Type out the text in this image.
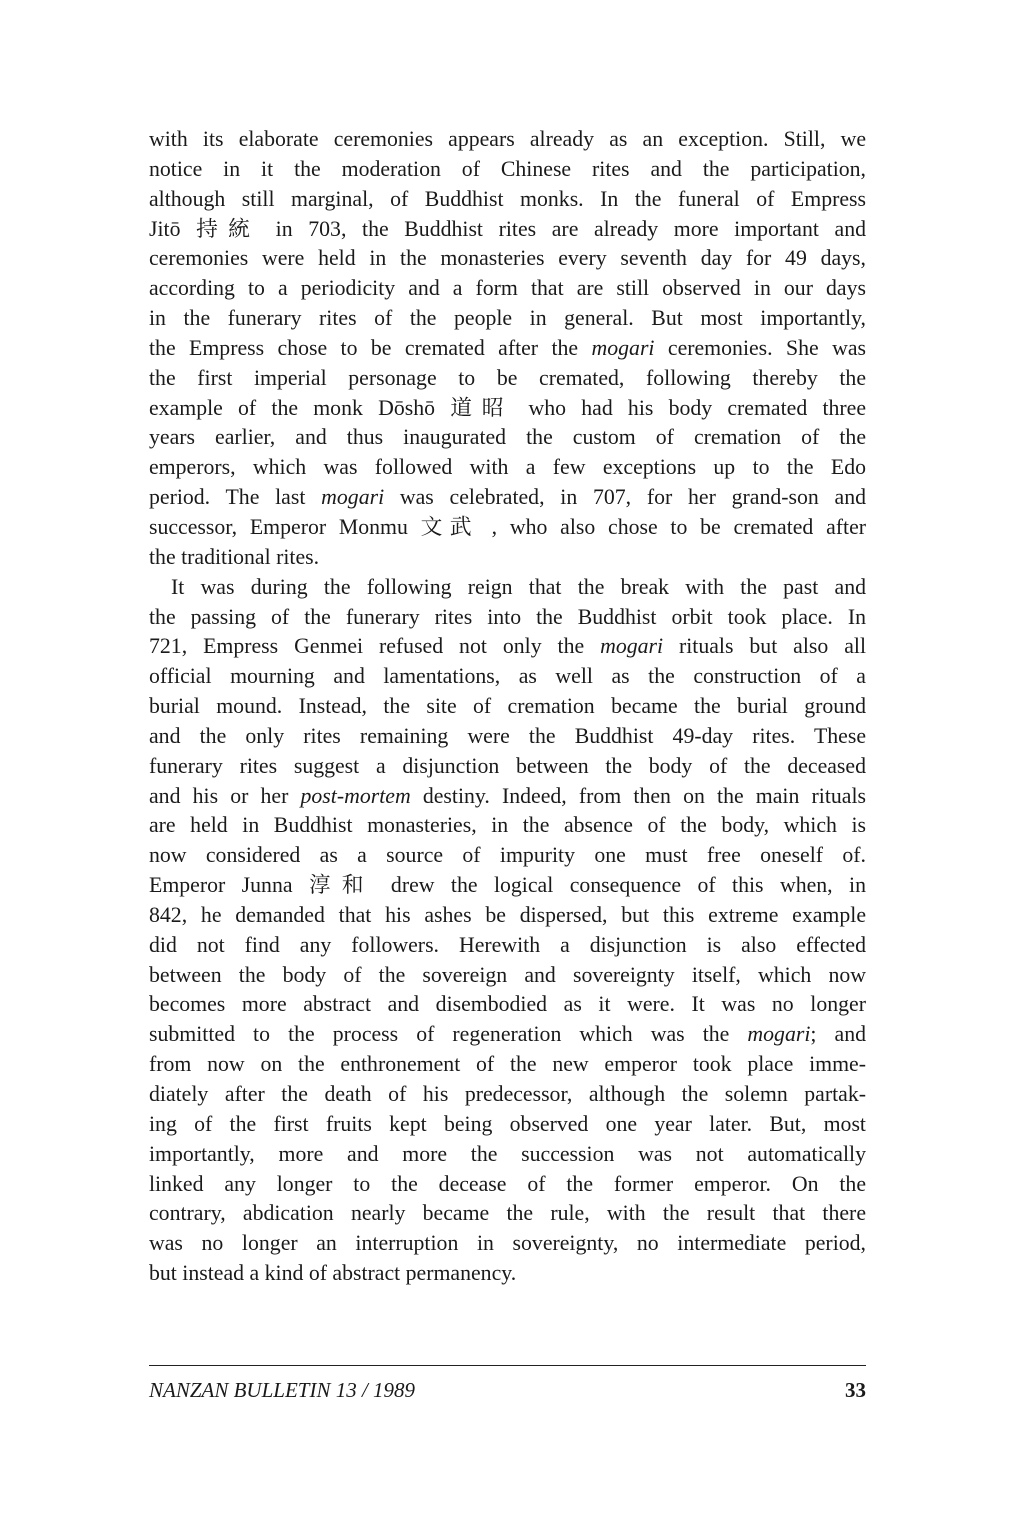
with its elaborate ceremonies appears already as an exception. Still, we
notice in it the moderation of Chinese rites and the participation,
although still marginal, of Buddhist monks. In the funeral of Empress
Jitō 持統 in 703, the Buddhist rites are already more important and
ceremonies were held in the monasteries every seventh day for 49 days,
according to a periodicity and a form that are still observed in our days
in the funerary rites of the people in general. But most importantly,
the Empress chose to be cremated after the mogari ceremonies. She was
the first imperial personage to be cremated, following thereby the
example of the monk Dōshō 道昭 who had his body cremated three
years earlier, and thus inaugurated the custom of cremation of the
emperors, which was followed with a few exceptions up to the Edo
period. The last mogari was celebrated, in 707, for her grand-son and
successor, Emperor Monmu 文武 , who also chose to be cremated after
the traditional rites.
It was during the following reign that the break with the past and
the passing of the funerary rites into the Buddhist orbit took place. In
721, Empress Genmei refused not only the mogari rituals but also all
official mourning and lamentations, as well as the construction of a
burial mound. Instead, the site of cremation became the burial ground
and the only rites remaining were the Buddhist 49-day rites. These
funerary rites suggest a disjunction between the body of the deceased
and his or her post-mortem destiny. Indeed, from then on the main rituals
are held in Buddhist monasteries, in the absence of the body, which is
now considered as a source of impurity one must free oneself of.
Emperor Junna 淳和 drew the logical consequence of this when, in
842, he demanded that his ashes be dispersed, but this extreme example
did not find any followers. Herewith a disjunction is also effected
between the body of the sovereign and sovereignty itself, which now
becomes more abstract and disembodied as it were. It was no longer
submitted to the process of regeneration which was the mogari; and
from now on the enthronement of the new emperor took place imme-
diately after the death of his predecessor, although the solemn partak-
ing of the first fruits kept being observed one year later. But, most
importantly, more and more the succession was not automatically
linked any longer to the decease of the former emperor. On the
contrary, abdication nearly became the rule, with the result that there
was no longer an interruption in sovereignty, no intermediate period,
but instead a kind of abstract permanency.
NANZAN BULLETIN 13 / 1989	33
